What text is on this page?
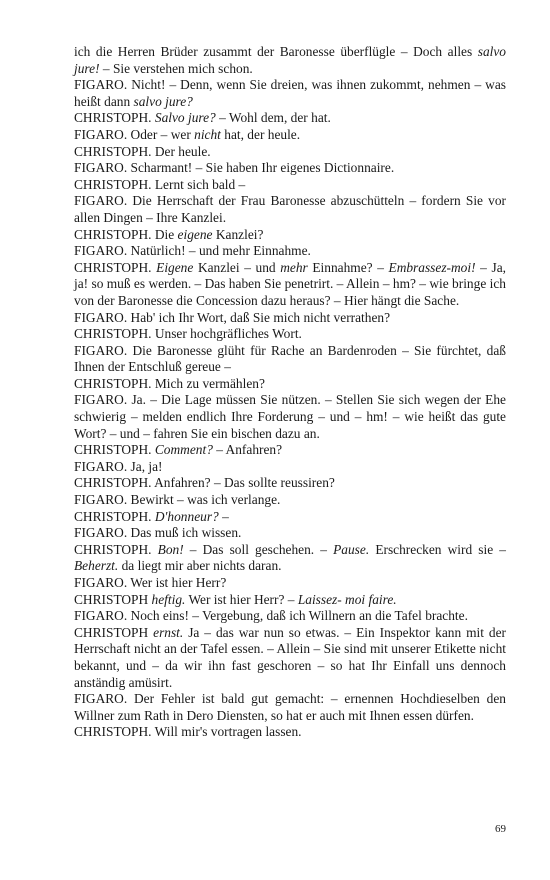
ich die Herren Brüder zusammt der Baronesse überflügle – Doch alles salvo jure! – Sie verstehen mich schon.

FIGARO. Nicht! – Denn, wenn Sie dreien, was ihnen zukommt, nehmen – was heißt dann salvo jure?

CHRISTOPH. Salvo jure? – Wohl dem, der hat.

FIGARO. Oder – wer nicht hat, der heule.

CHRISTOPH. Der heule.

FIGARO. Scharmant! – Sie haben Ihr eigenes Dictionnaire.

CHRISTOPH. Lernt sich bald –

FIGARO. Die Herrschaft der Frau Baronesse abzuschütteln – fordern Sie vor allen Dingen – Ihre Kanzlei.

CHRISTOPH. Die eigene Kanzlei?

FIGARO. Natürlich! – und mehr Einnahme.

CHRISTOPH. Eigene Kanzlei – und mehr Einnahme? – Embrassez-moi! – Ja, ja! so muß es werden. – Das haben Sie penetrirt. – Allein – hm? – wie bringe ich von der Baronesse die Concession dazu heraus? – Hier hängt die Sache.

FIGARO. Hab' ich Ihr Wort, daß Sie mich nicht verrathen?

CHRISTOPH. Unser hochgräfliches Wort.

FIGARO. Die Baronesse glüht für Rache an Bardenroden – Sie fürchtet, daß Ihnen der Entschluß gereue –

CHRISTOPH. Mich zu vermählen?

FIGARO. Ja. – Die Lage müssen Sie nützen. – Stellen Sie sich wegen der Ehe schwierig – melden endlich Ihre Forderung – und – hm! – wie heißt das gute Wort? – und – fahren Sie ein bischen dazu an.

CHRISTOPH. Comment? – Anfahren?

FIGARO. Ja, ja!

CHRISTOPH. Anfahren? – Das sollte reussiren?

FIGARO. Bewirkt – was ich verlange.

CHRISTOPH. D'honneur? –

FIGARO. Das muß ich wissen.

CHRISTOPH. Bon! – Das soll geschehen. – Pause. Erschrecken wird sie – Beherzt. da liegt mir aber nichts daran.

FIGARO. Wer ist hier Herr?

CHRISTOPH heftig. Wer ist hier Herr? – Laissez- moi faire.

FIGARO. Noch eins! – Vergebung, daß ich Willnern an die Tafel brachte.

CHRISTOPH ernst. Ja – das war nun so etwas. – Ein Inspektor kann mit der Herrschaft nicht an der Tafel essen. – Allein – Sie sind mit unserer Etikette nicht bekannt, und – da wir ihn fast geschoren – so hat Ihr Einfall uns dennoch anständig amüsirt.

FIGARO. Der Fehler ist bald gut gemacht: – ernennen Hochdieselben den Willner zum Rath in Dero Diensten, so hat er auch mit Ihnen essen dürfen.

CHRISTOPH. Will mir's vortragen lassen.

69
